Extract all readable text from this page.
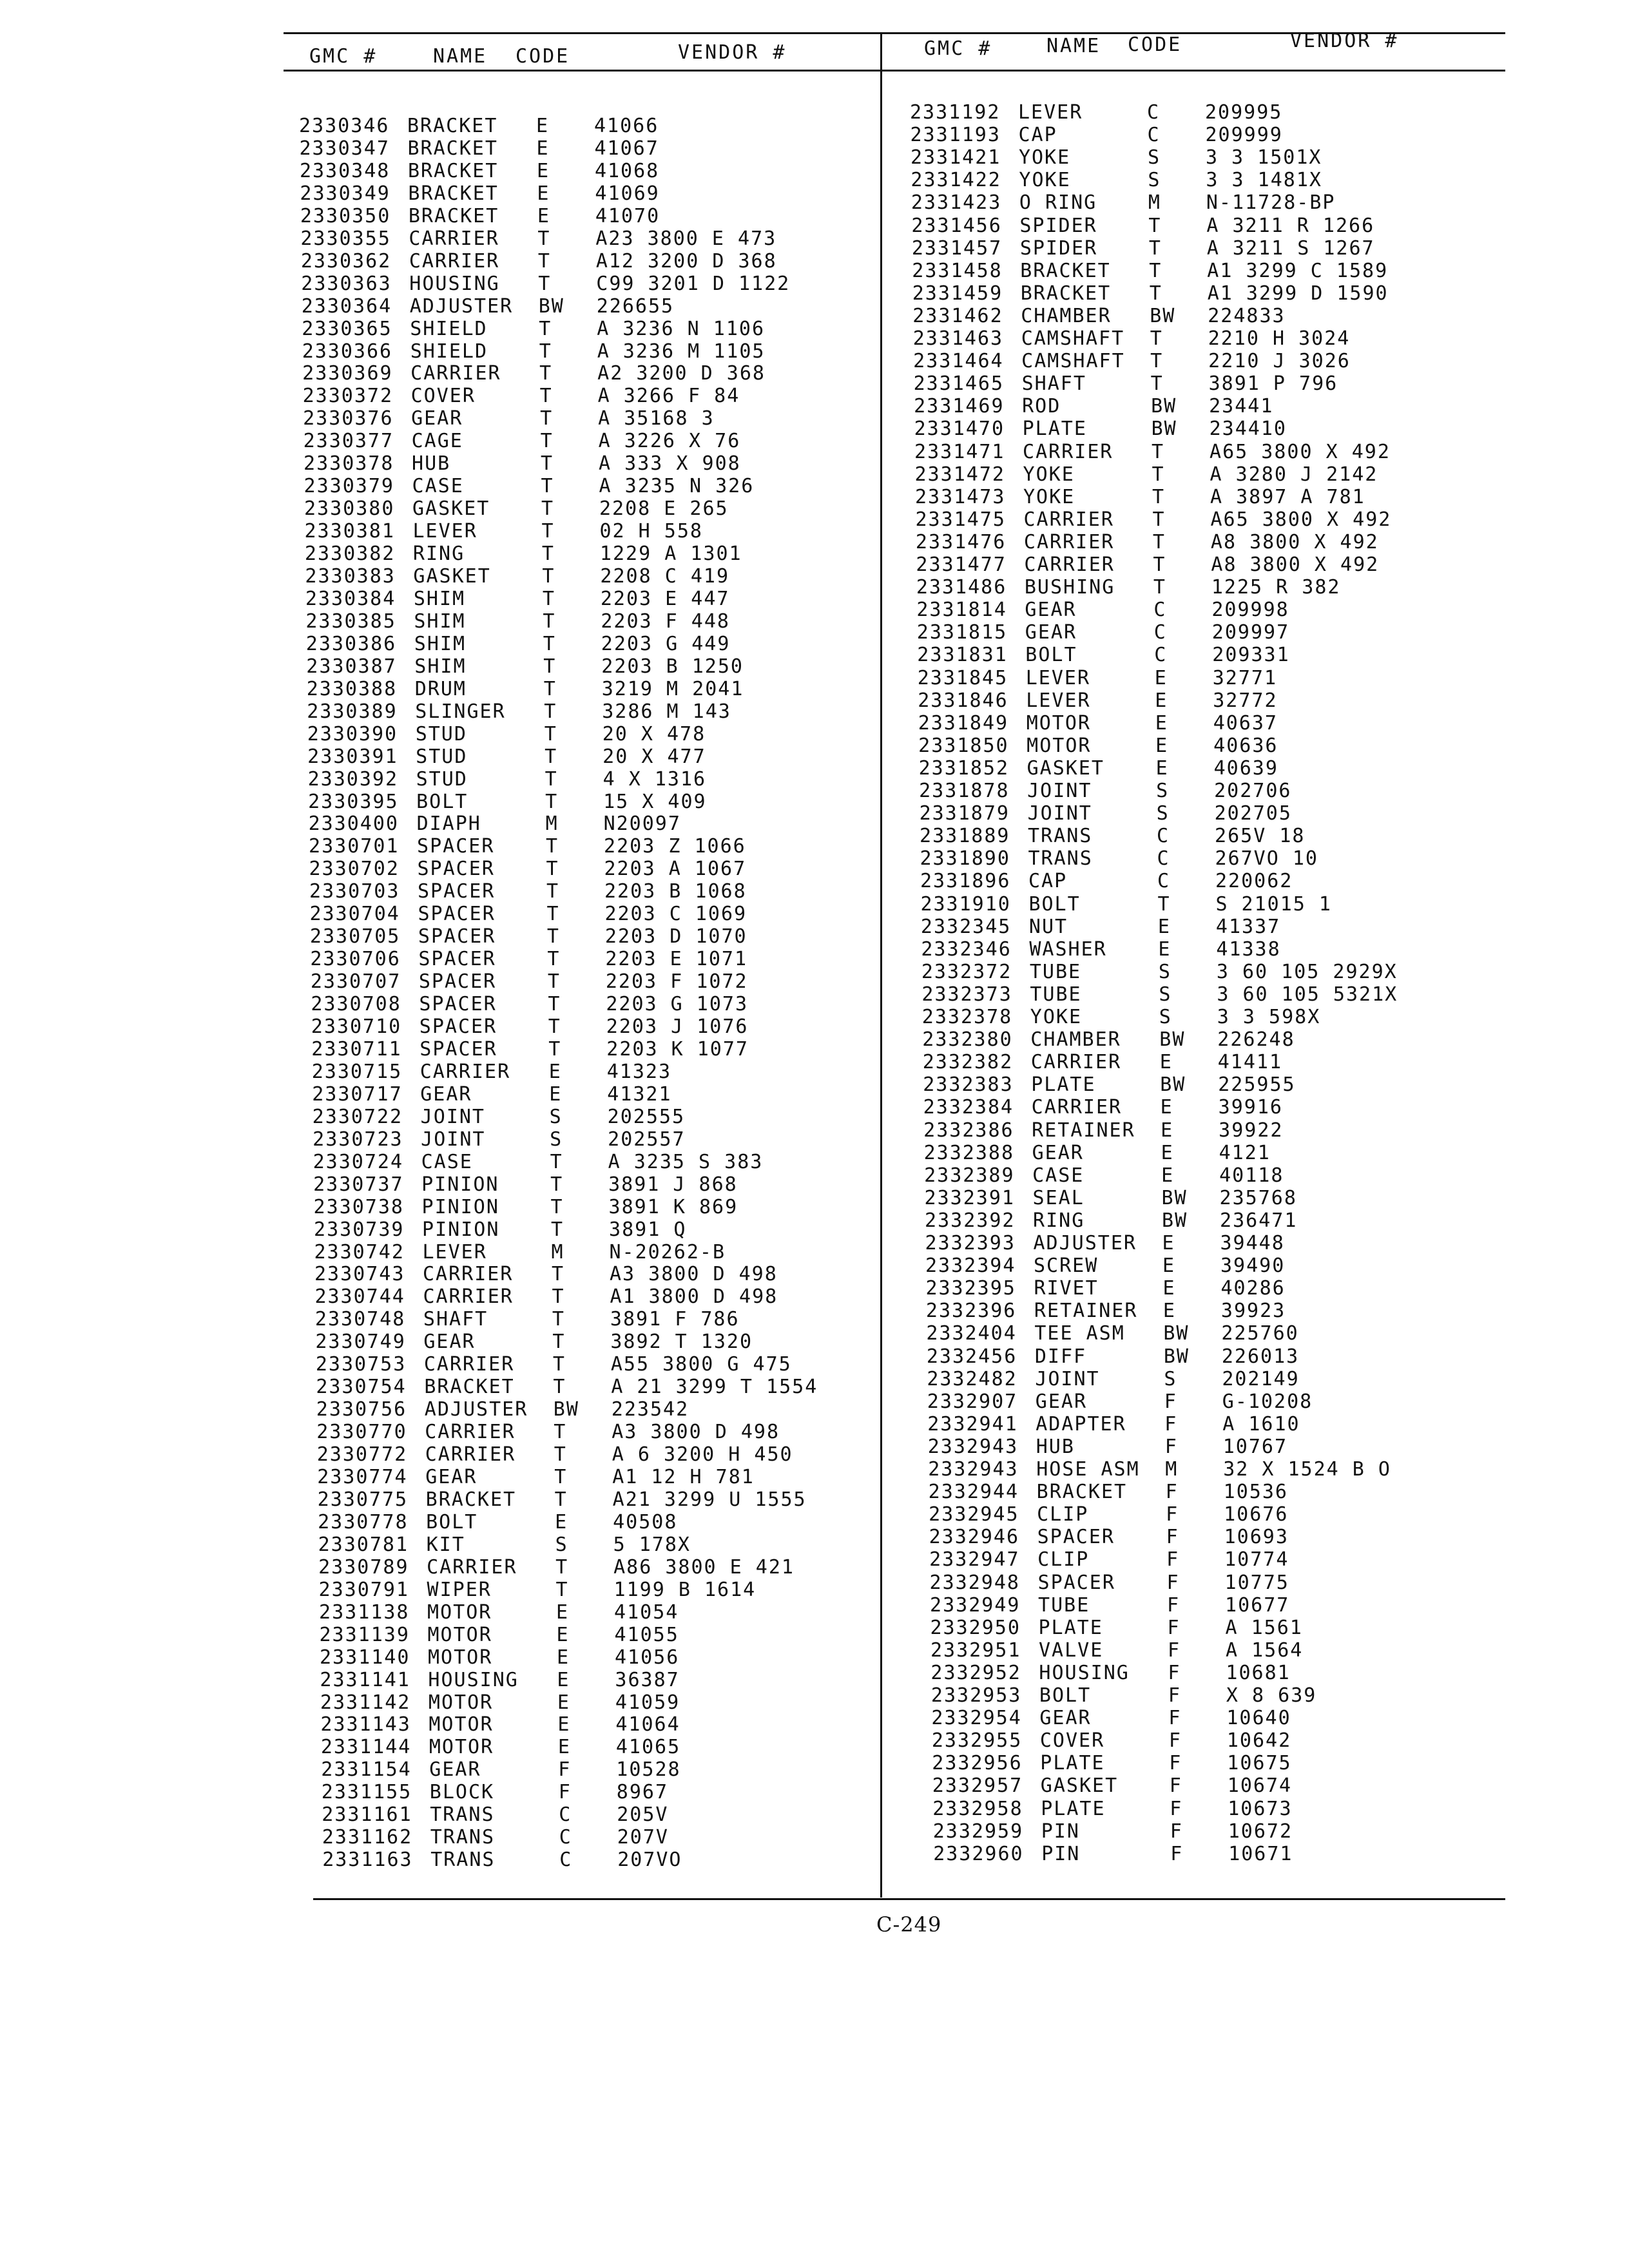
GMC #	NAME CODE	VENDOR #	GMC #	NAME CODE	VENDOR #
2330346 BRACKET E 41066
2330347 BRACKET E 41067
2330348 BRACKET E 41068
2330349 BRACKET E 41069
2330350 BRACKET E 41070
2330355 CARRIER T A23 3800 E 473
2330362 CARRIER T A12 3200 D 368
2330363 HOUSING T C99 3201 D 1122
2330364 ADJUSTER BW 226655
2330365 SHIELD	T A 3236 N 1106
2330366 SHIELD	T A 3236 M 1105
2330369 CARRIER T A2 3200 D 368
2330372 COVER	T A 3266 F 84
2330376 GEAR	T A 35168 3
2330377 CAGE	T A 3226 X 76
2330378 HUB	T A 333 X 908
2330379 CASE	T A 3235 N 326
2330380 GASKET	T 2208 E 265
2330381 LEVER	T 02 H 558
2330382 RING	T 1229 A 1301
2330383 GASKET	T 2208 C 419
2330384 SHIM	T 2203 E 447
2330385 SHIM	T 2203 F 448
2330386 SHIM	T 2203 G 449
2330387 SHIM	T 2203 B 1250
2330388 DRUM	T 3219 M 2041
2330389 SLINGER T 3286 M 143
2330390 STUD	T 20 X 478
2330391 STUD	T 20 X 477
2330392 STUD	T 4 X 1316
2330395 BOLT	T 15 X 409
2330400 DIAPH	M N20097
2330701 SPACER	T 2203 Z 1066
2330702 SPACER	T 2203 A 1067
2330703 SPACER	T 2203 B 1068
2330704 SPACER	T 2203 C 1069
2330705 SPACER	T 2203 D 1070
2330706 SPACER	T 2203 E 1071
2330707 SPACER	T 2203 F 1072
2330708 SPACER	T 2203 G 1073
2330710 SPACER	T 2203 J 1076
2330711 SPACER	T 2203 K 1077
2330715 CARRIER E 41323
2330717 GEAR	E 41321
2330722 JOINT	S 202555
2330723 JOINT	S 202557
2330724 CASE	T A 3235 S 383
2330737 PINION	T 3891 J 868
2330738 PINION	T 3891 K 869
2330739 PINION	T 3891 Q
2330742 LEVER	M N-20262-B
2330743 CARRIER T A3 3800 D 498
2330744 CARRIER T A1 3800 D 498
2330748 SHAFT	T 3891 F 786
2330749 GEAR	T 3892 T 1320
2330753 CARRIER T A55 3800 G 475
2330754 BRACKET T A 21 3299 T 1554
2330756 ADJUSTER BW 223542
2330770 CARRIER T A3 3800 D 498
2330772 CARRIER T A 6 3200 H 450
2330774 GEAR	T A1 12 H 781
2330775 BRACKET T A21 3299 U 1555
2330778 BOLT	E 40508
2330781 KIT	S 5 178X
2330789 CARRIER T A86 3800 E 421
2330791 WIPER	T 1199 B 1614
2331138 MOTOR	E 41054
2331139 MOTOR	E 41055
2331140 MOTOR	E 41056
2331141 HOUSING E 36387
2331142 MOTOR	E 41059
2331143 MOTOR	E 41064
2331144 MOTOR	E 41065
2331154 GEAR	F 10528
2331155 BLOCK	F 8967
2331161 TRANS	C 205V
2331162 TRANS	C 207V
2331163 TRANS	C 207VO
2331192 LEVER	C 209995
2331193 CAP	C 209999
2331421 YOKE	S 3 3 1501X
2331422 YOKE	S 3 3 1481X
2331423 O RING	M N-11728-BP
2331456 SPIDER	T A 3211 R 1266
2331457 SPIDER	T A 3211 S 1267
2331458 BRACKET T A1 3299 C 1589
2331459 BRACKET T A1 3299 D 1590
2331462 CHAMBER BW 224833
2331463 CAMSHAFT T 2210 H 3024
2331464 CAMSHAFT T 2210 J 3026
2331465 SHAFT	T 3891 P 796
2331469 ROD	BW 23441
2331470 PLATE	BW 234410
2331471 CARRIER T A65 3800 X 492
2331472 YOKE	T A 3280 J 2142
2331473 YOKE	T A 3897 A 781
2331475 CARRIER T A65 3800 X 492
2331476 CARRIER T A8 3800 X 492
2331477 CARRIER T A8 3800 X 492
2331486 BUSHING T 1225 R 382
2331814 GEAR	C 209998
2331815 GEAR	C 209997
2331831 BOLT	C 209331
2331845 LEVER	E 32771
2331846 LEVER	E 32772
2331849 MOTOR	E 40637
2331850 MOTOR	E 40636
2331852 GASKET	E 40639
2331878 JOINT	S 202706
2331879 JOINT	S 202705
2331889 TRANS	C 265V 18
2331890 TRANS	C 267VO 10
2331896 CAP	C 220062
2331910 BOLT	T S 21015 1
2332345 NUT	E 41337
2332346 WASHER	E 41338
2332372 TUBE	S 3 60 105 2929X
2332373 TUBE	S 3 60 105 5321X
2332378 YOKE	S 3 3 598X
2332380 CHAMBER BW 226248
2332382 CARRIER E 41411
2332383 PLATE	BW 225955
2332384 CARRIER E 39916
2332386 RETAINER E 39922
2332388 GEAR	E 4121
2332389 CASE	E 40118
2332391 SEAL	BW 235768
2332392 RING	BW 236471
2332393 ADJUSTER E 39448
2332394 SCREW	E 39490
2332395 RIVET	E 40286
2332396 RETAINER E 39923
2332404 TEE ASM BW 225760
2332456 DIFF	BW 226013
2332482 JOINT	S 202149
2332907 GEAR	F G-10208
2332941 ADAPTER F A 1610
2332943 HUB	F 10767
2332943 HOSE ASM M 32 X 1524 B O
2332944 BRACKET F 10536
2332945 CLIP	F 10676
2332946 SPACER	F 10693
2332947 CLIP	F 10774
2332948 SPACER	F 10775
2332949 TUBE	F 10677
2332950 PLATE	F A 1561
2332951 VALVE	F A 1564
2332952 HOUSING F 10681
2332953 BOLT	F X 8 639
2332954 GEAR	F 10640
2332955 COVER	F 10642
2332956 PLATE	F 10675
2332957 GASKET	F 10674
2332958 PLATE	F 10673
2332959 PIN	F 10672
2332960 PIN	F 10671
C-249
